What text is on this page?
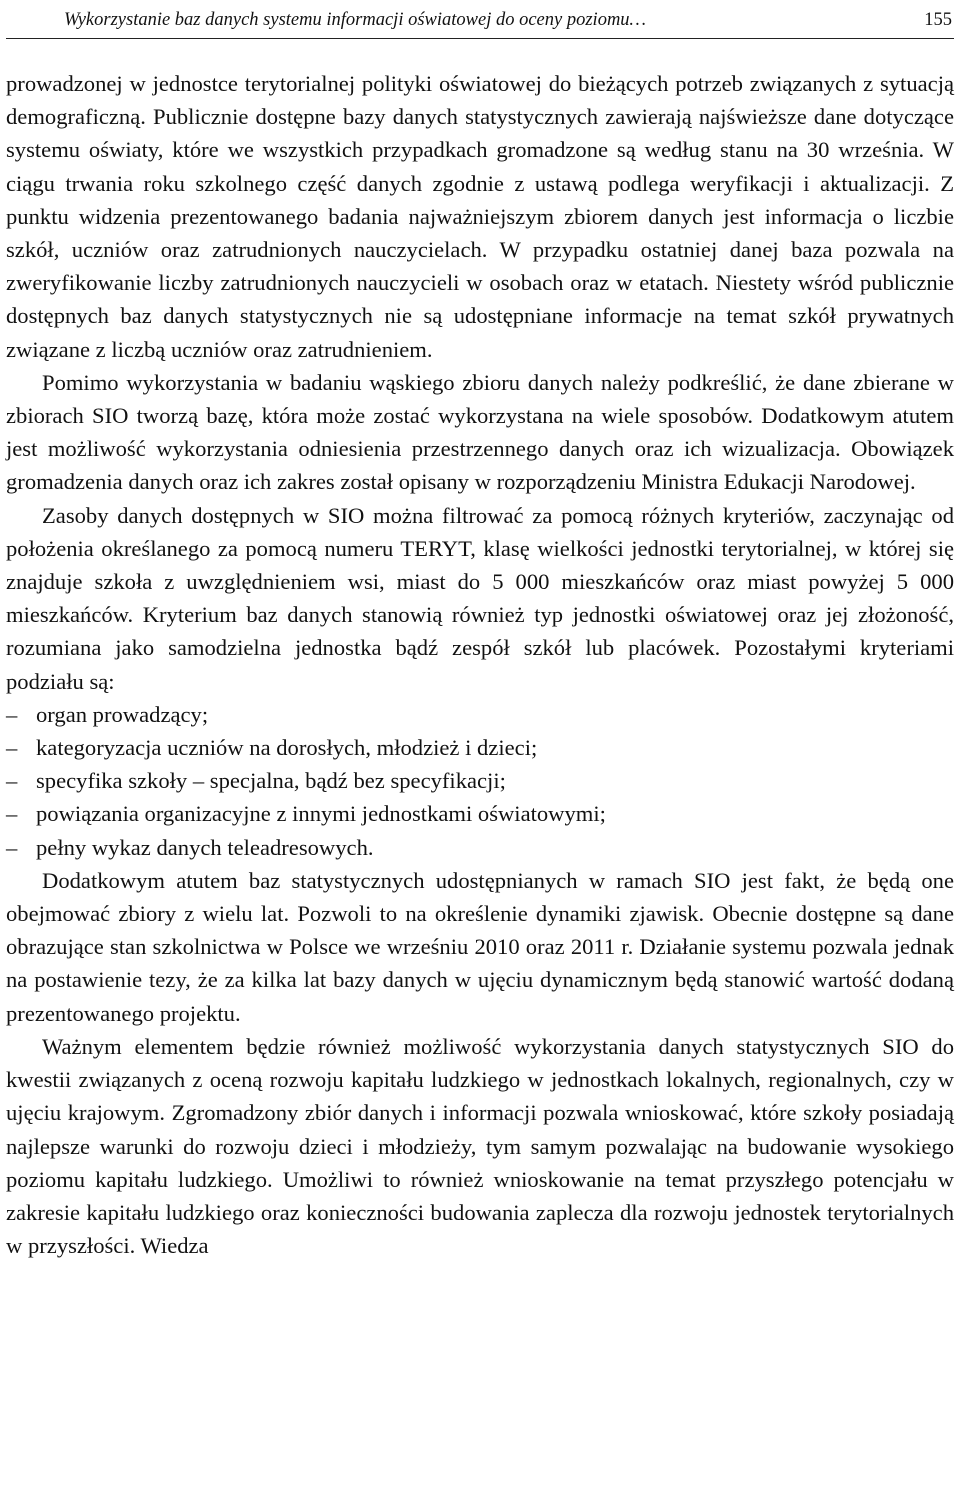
Wykorzystanie baz danych systemu informacji oświatowej do oceny poziomu…	155

prowadzonej w jednostce terytorialnej polityki oświatowej do bieżących potrzeb związanych z sytuacją demograficzną. Publicznie dostępne bazy danych statystycznych zawierają najświeższe dane dotyczące systemu oświaty, które we wszystkich przypadkach gromadzone są według stanu na 30 września. W ciągu trwania roku szkolnego część danych zgodnie z ustawą podlega weryfikacji i aktualizacji. Z punktu widzenia prezentowanego badania najważniejszym zbiorem danych jest informacja o liczbie szkół, uczniów oraz zatrudnionych nauczycielach. W przypadku ostatniej danej baza pozwala na zweryfikowanie liczby zatrudnionych nauczycieli w osobach oraz w etatach. Niestety wśród publicznie dostępnych baz danych statystycznych nie są udostępniane informacje na temat szkół prywatnych związane z liczbą uczniów oraz zatrudnieniem.

Pomimo wykorzystania w badaniu wąskiego zbioru danych należy podkreślić, że dane zbierane w zbiorach SIO tworzą bazę, która może zostać wykorzystana na wiele sposobów. Dodatkowym atutem jest możliwość wykorzystania odniesienia przestrzennego danych oraz ich wizualizacja. Obowiązek gromadzenia danych oraz ich zakres został opisany w rozporządzeniu Ministra Edukacji Narodowej.

Zasoby danych dostępnych w SIO można filtrować za pomocą różnych kryteriów, zaczynając od położenia określanego za pomocą numeru TERYT, klasę wielkości jednostki terytorialnej, w której się znajduje szkoła z uwzględnieniem wsi, miast do 5 000 mieszkańców oraz miast powyżej 5 000 mieszkańców. Kryterium baz danych stanowią również typ jednostki oświatowej oraz jej złożoność, rozumiana jako samodzielna jednostka bądź zespół szkół lub placówek. Pozostałymi kryteriami podziału są:

– organ prowadzący;
– kategoryzacja uczniów na dorosłych, młodzież i dzieci;
– specyfika szkoły – specjalna, bądź bez specyfikacji;
– powiązania organizacyjne z innymi jednostkami oświatowymi;
– pełny wykaz danych teleadresowych.

Dodatkowym atutem baz statystycznych udostępnianych w ramach SIO jest fakt, że będą one obejmować zbiory z wielu lat. Pozwoli to na określenie dynamiki zjawisk. Obecnie dostępne są dane obrazujące stan szkolnictwa w Polsce we wrześniu 2010 oraz 2011 r. Działanie systemu pozwala jednak na postawienie tezy, że za kilka lat bazy danych w ujęciu dynamicznym będą stanowić wartość dodaną prezentowanego projektu.

Ważnym elementem będzie również możliwość wykorzystania danych statystycznych SIO do kwestii związanych z oceną rozwoju kapitału ludzkiego w jednostkach lokalnych, regionalnych, czy w ujęciu krajowym. Zgromadzony zbiór danych i informacji pozwala wnioskować, które szkoły posiadają najlepsze warunki do rozwoju dzieci i młodzieży, tym samym pozwalając na budowanie wysokiego poziomu kapitału ludzkiego. Umożliwi to również wnioskowanie na temat przyszłego potencjału w zakresie kapitału ludzkiego oraz konieczności budowania zaplecza dla rozwoju jednostek terytorialnych w przyszłości. Wiedza
